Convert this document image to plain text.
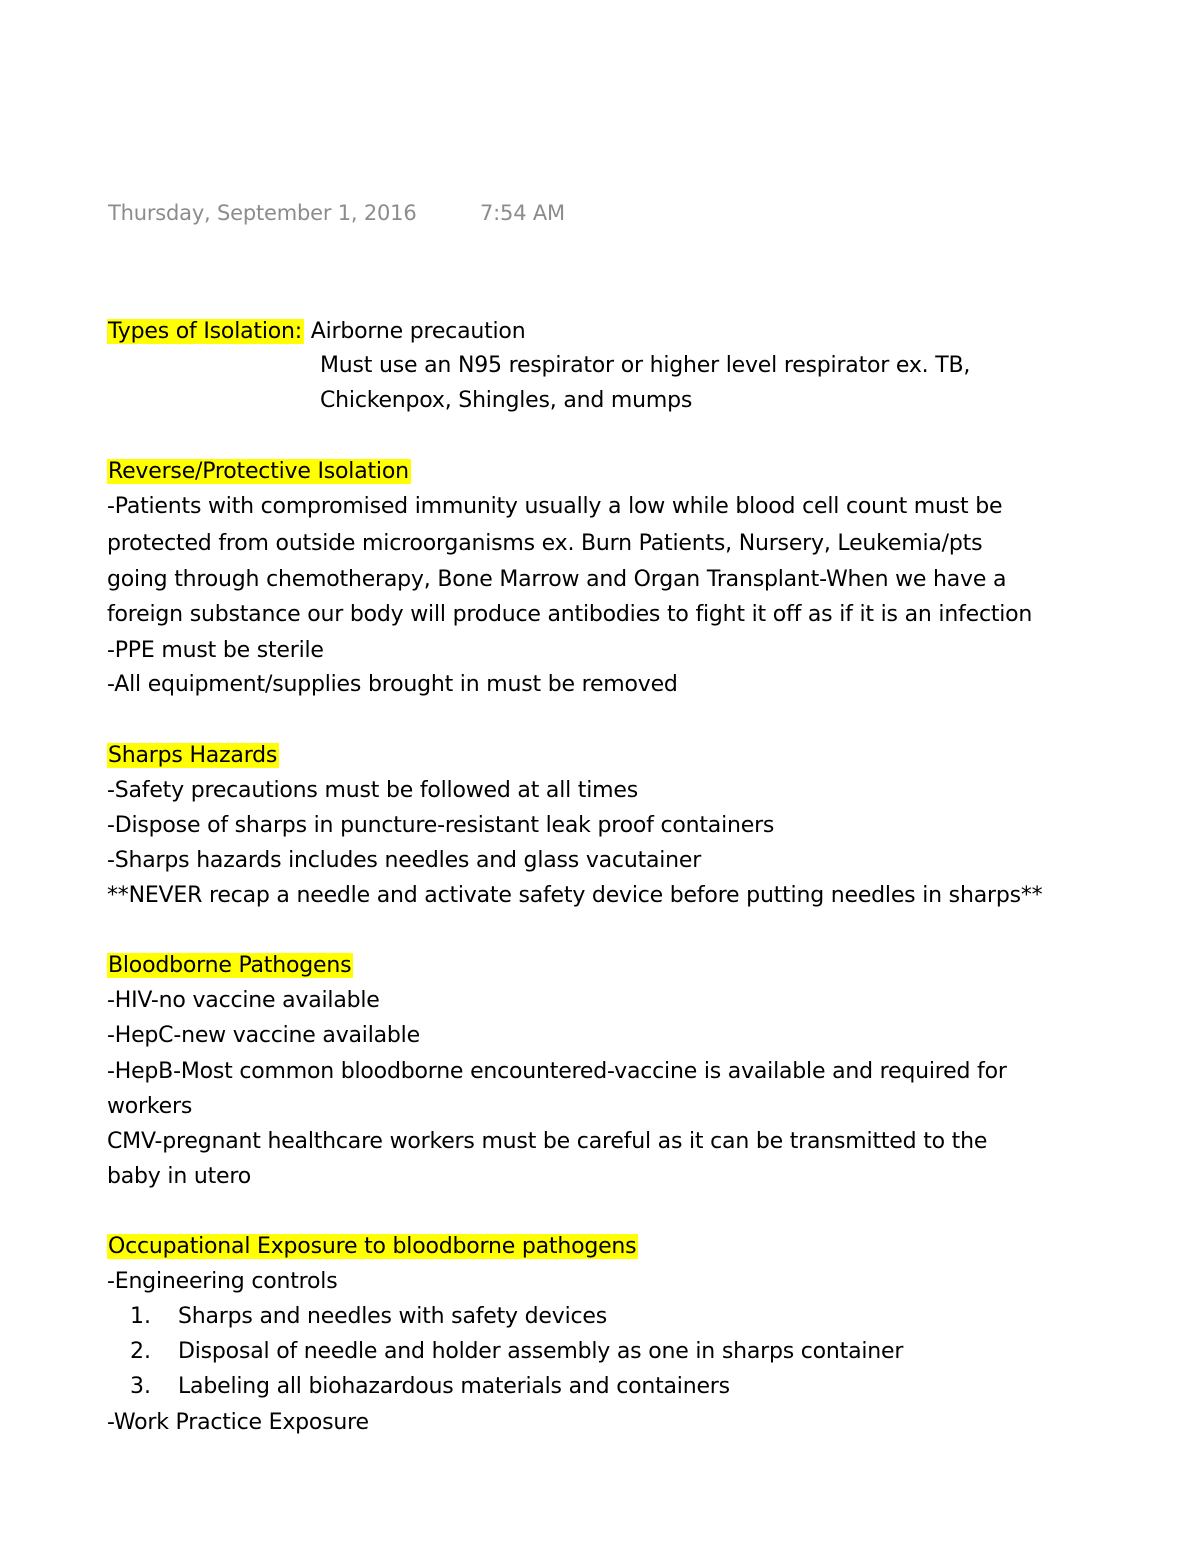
Thursday, September 1, 2016	7:54 AM
Types of Isolation: Airborne precaution
Must use an N95 respirator or higher level respirator ex. TB,
Chickenpox, Shingles, and mumps
Reverse/Protective Isolation
-Patients with compromised immunity usually a low while blood cell count must be
protected from outside microorganisms ex. Burn Patients, Nursery, Leukemia/pts
going through chemotherapy, Bone Marrow and Organ Transplant-When we have a
foreign substance our body will produce antibodies to fight it off as if it is an infection
-PPE must be sterile
-All equipment/supplies brought in must be removed
Sharps Hazards
-Safety precautions must be followed at all times
-Dispose of sharps in puncture-resistant leak proof containers
-Sharps hazards includes needles and glass vacutainer
**NEVER recap a needle and activate safety device before putting needles in sharps**
Bloodborne Pathogens
-HIV-no vaccine available
-HepC-new vaccine available
-HepB-Most common bloodborne encountered-vaccine is available and required for
workers
CMV-pregnant healthcare workers must be careful as it can be transmitted to the
baby in utero
Occupational Exposure to bloodborne pathogens
-Engineering controls
1. Sharps and needles with safety devices
2. Disposal of needle and holder assembly as one in sharps container
3. Labeling all biohazardous materials and containers
-Work Practice Exposure
